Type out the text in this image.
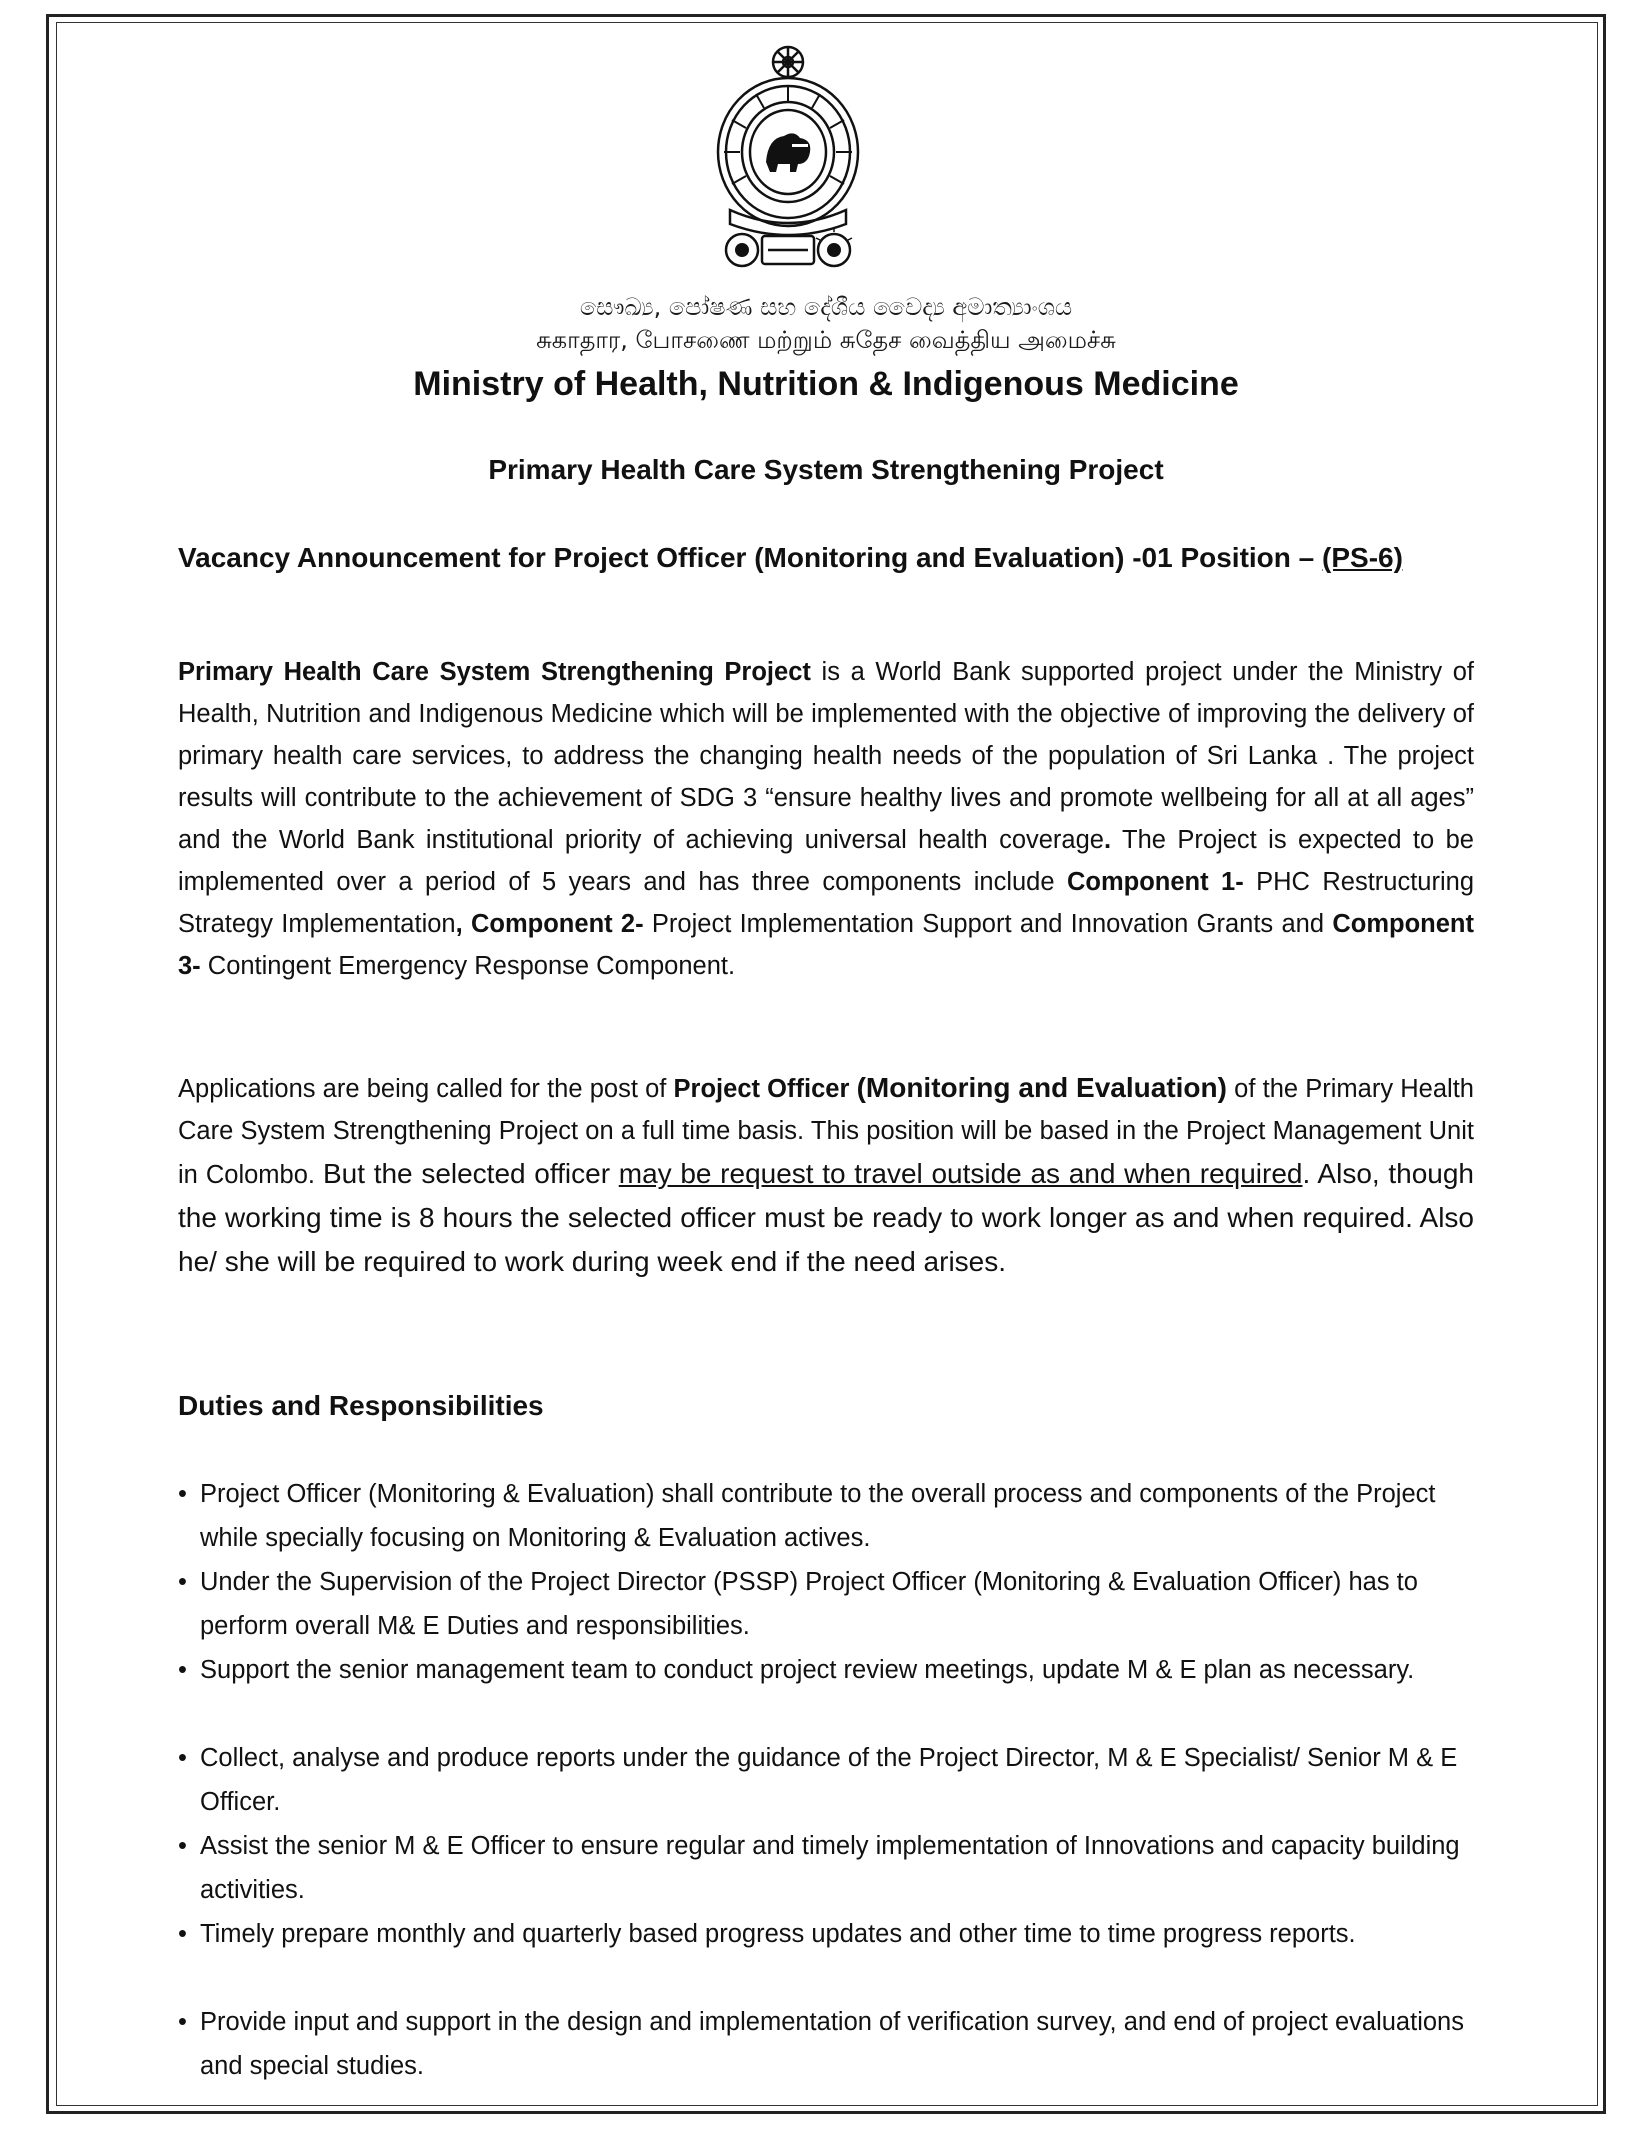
සෞඛ්‍ය, පෝෂණ සහ දේශීය වෛද්‍ය අමාත්‍යාංශය
சுகாதார, போசணை மற்றும் சுதேச வைத்திய அமைச்சு
Ministry of Health, Nutrition & Indigenous Medicine
Primary Health Care System Strengthening Project
Vacancy Announcement for Project Officer (Monitoring and Evaluation) -01 Position – (PS-6)
Primary Health Care System Strengthening Project is a World Bank supported project under the Ministry of Health, Nutrition and Indigenous Medicine which will be implemented with the objective of improving the delivery of primary health care services, to address the changing health needs of the population of Sri Lanka . The project results will contribute to the achievement of SDG 3 “ensure healthy lives and promote wellbeing for all at all ages” and the World Bank institutional priority of achieving universal health coverage. The Project is expected to be implemented over a period of 5 years and has three components include Component 1- PHC Restructuring Strategy Implementation, Component 2- Project Implementation Support and Innovation Grants and Component 3- Contingent Emergency Response Component.
Applications are being called for the post of Project Officer (Monitoring and Evaluation) of the Primary Health Care System Strengthening Project on a full time basis. This position will be based in the Project Management Unit in Colombo. But the selected officer may be request to travel outside as and when required. Also, though the working time is 8 hours the selected officer must be ready to work longer as and when required. Also he/ she will be required to work during week end if the need arises.
Duties and Responsibilities
• Project Officer (Monitoring & Evaluation) shall contribute to the overall process and components of the Project while specially focusing on Monitoring & Evaluation actives.
• Under the Supervision of the Project Director (PSSP) Project Officer (Monitoring & Evaluation Officer) has to perform overall M& E Duties and responsibilities.
• Support the senior management team to conduct project review meetings, update M & E plan as necessary.
• Collect, analyse and produce reports under the guidance of the Project Director, M & E Specialist/ Senior M & E Officer.
• Assist the senior M & E Officer to ensure regular and timely implementation of Innovations and capacity building activities.
• Timely prepare monthly and quarterly based progress updates and other time to time progress reports.
• Provide input and support in the design and implementation of verification survey, and end of project evaluations and special studies.
